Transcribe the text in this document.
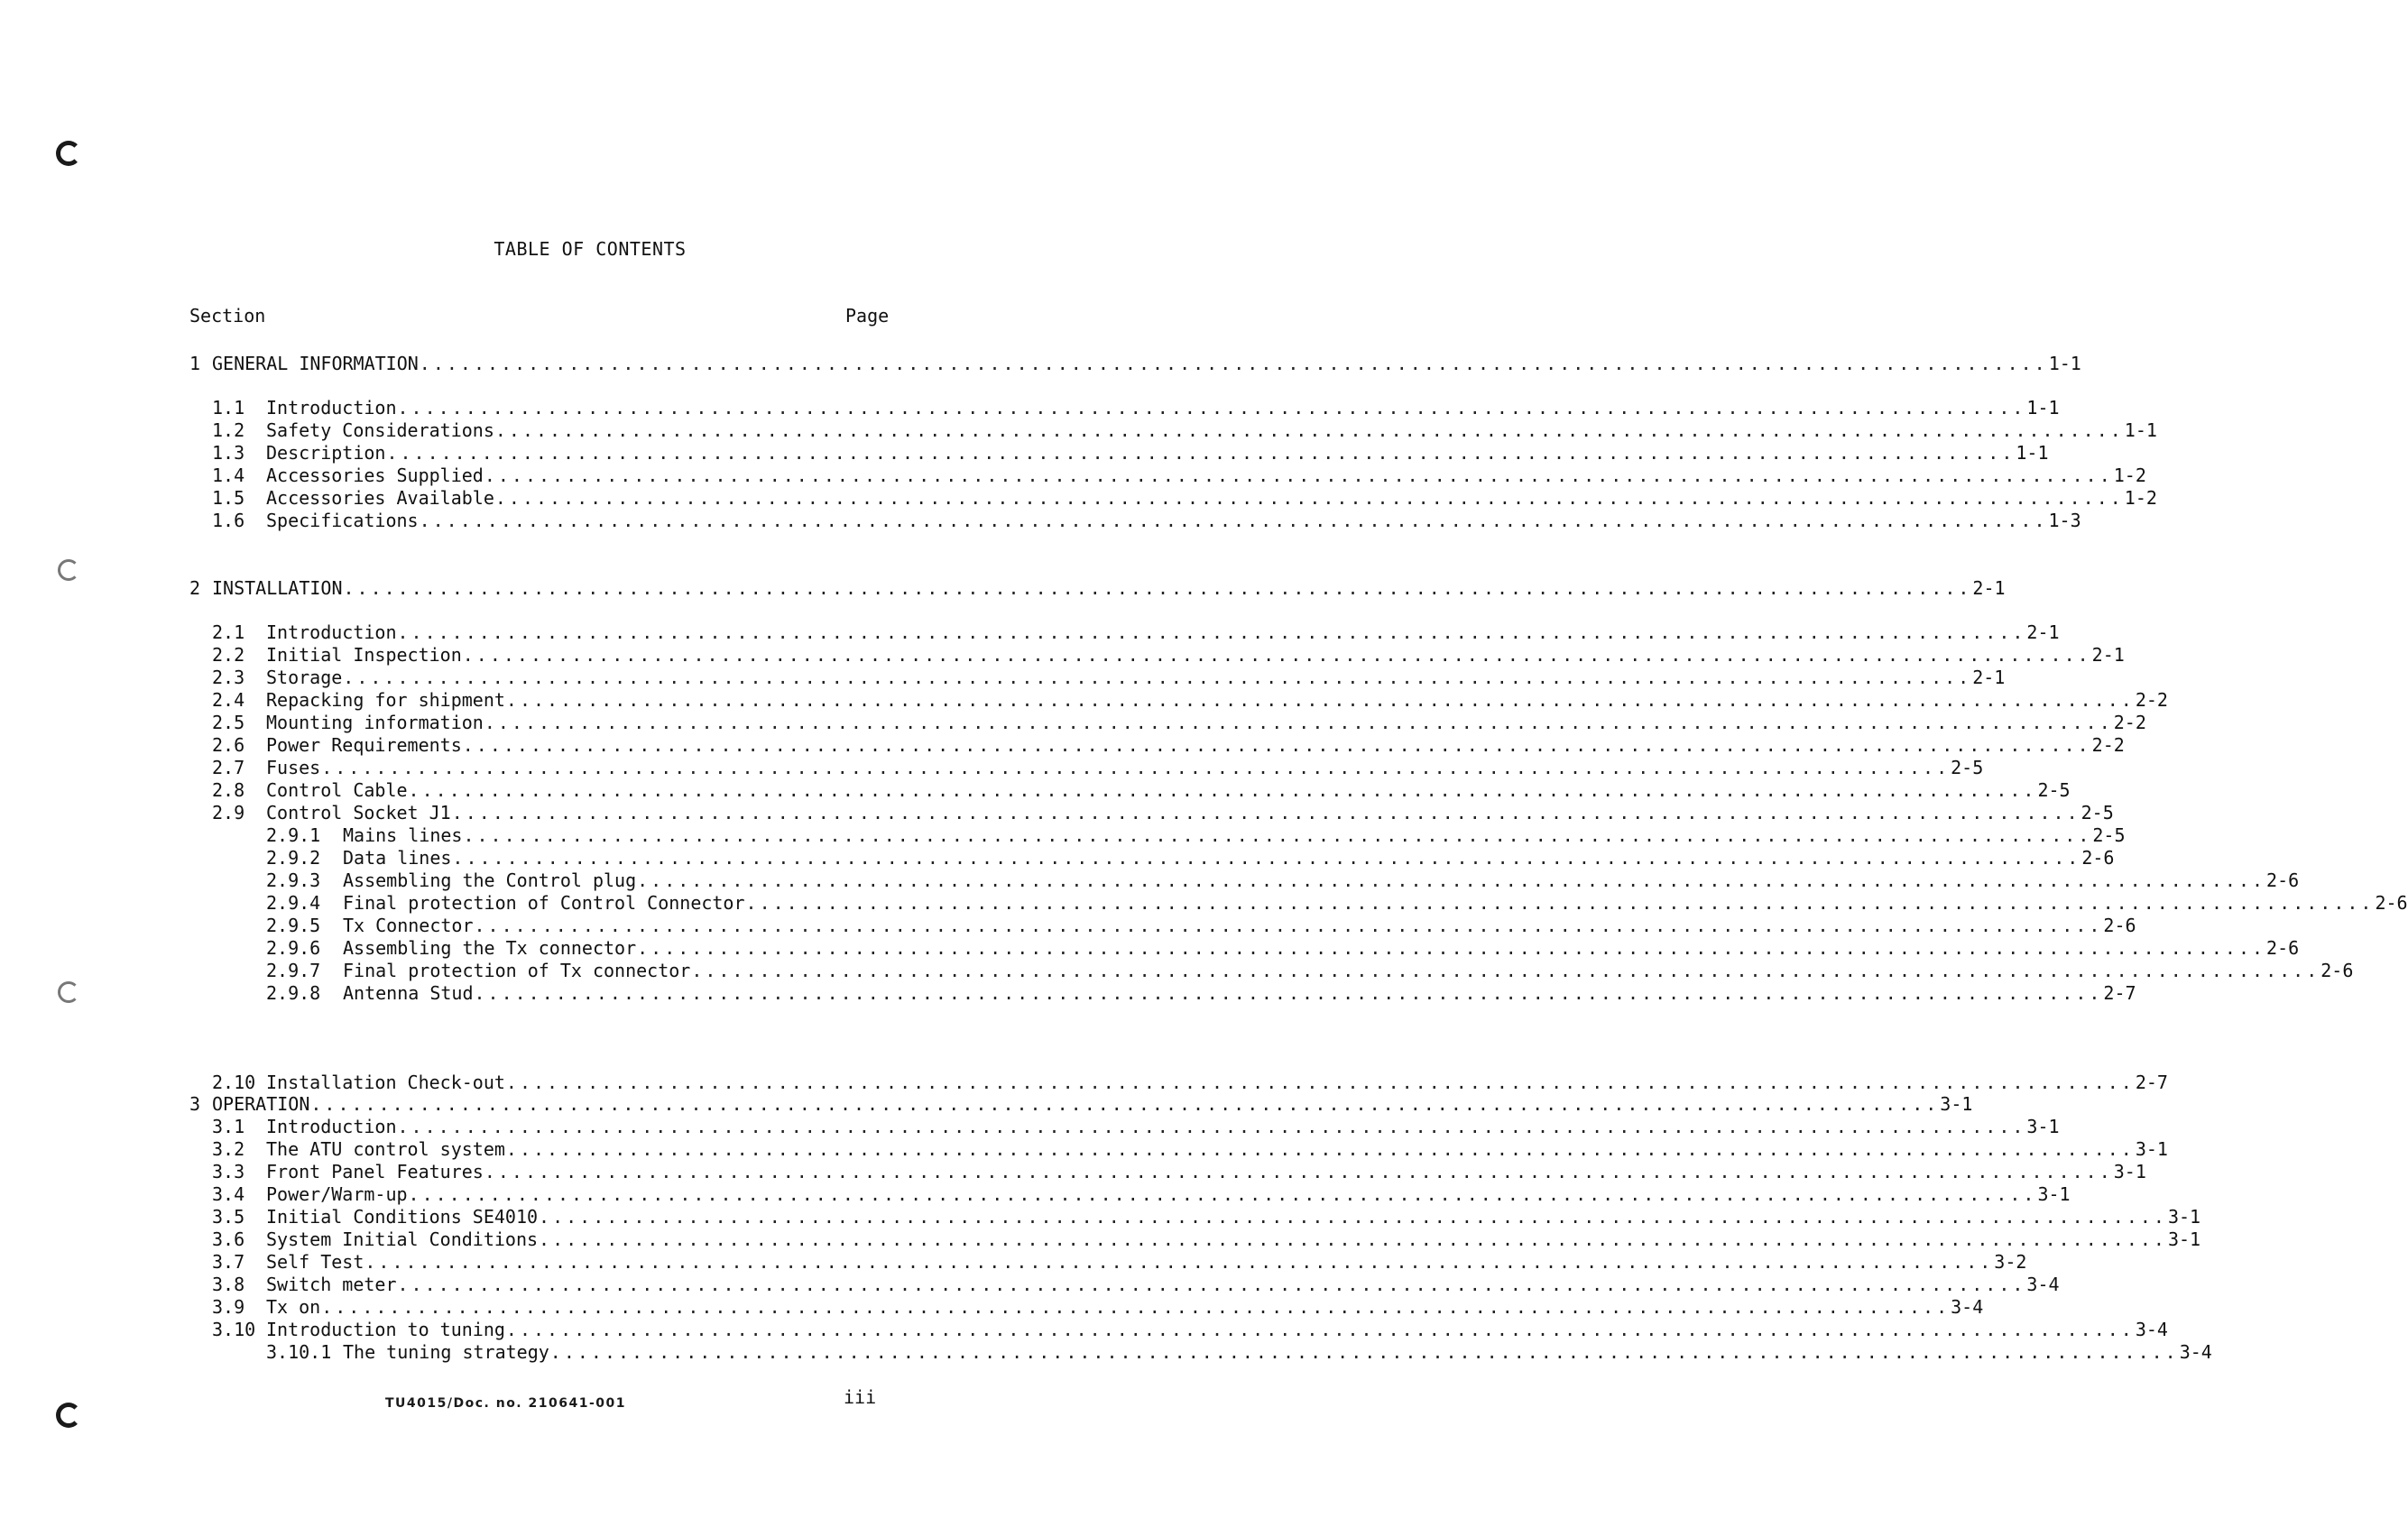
TABLE OF CONTENTS
Section	Page
1 GENERAL INFORMATION ........................................................................................................................ 1-1
1.1	Introduction ........................................................................................................................ 1-1
1.2	Safety Considerations ........................................................................................................................ 1-1
1.3	Description ........................................................................................................................ 1-1
1.4	Accessories Supplied ........................................................................................................................ 1-2
1.5	Accessories Available ........................................................................................................................ 1-2
1.6	Specifications ........................................................................................................................ 1-3
2 INSTALLATION ........................................................................................................................ 2-1
2.1	Introduction ........................................................................................................................ 2-1
2.2	Initial Inspection ........................................................................................................................ 2-1
2.3	Storage ........................................................................................................................ 2-1
2.4	Repacking for shipment ........................................................................................................................ 2-2
2.5	Mounting information ........................................................................................................................ 2-2
2.6	Power Requirements ........................................................................................................................ 2-2
2.7	Fuses ........................................................................................................................ 2-5
2.8	Control Cable ........................................................................................................................ 2-5
2.9	Control Socket J1 ........................................................................................................................ 2-5
2.9.1	Mains lines ........................................................................................................................ 2-5
2.9.2	Data lines ........................................................................................................................ 2-6
2.9.3	Assembling the Control plug ........................................................................................................................ 2-6
2.9.4	Final protection of Control Connector ........................................................................................................................ 2-6
2.9.5	Tx Connector ........................................................................................................................ 2-6
2.9.6	Assembling the Tx connector ........................................................................................................................ 2-6
2.9.7	Final protection of Tx connector ........................................................................................................................ 2-6
2.9.8	Antenna Stud ........................................................................................................................ 2-7
2.10 Installation Check-out ........................................................................................................................ 2-7
3 OPERATION ........................................................................................................................ 3-1
3.1	Introduction ........................................................................................................................ 3-1
3.2	The ATU control system ........................................................................................................................ 3-1
3.3	Front Panel Features ........................................................................................................................ 3-1
3.4	Power/Warm-up ........................................................................................................................ 3-1
3.5	Initial Conditions SE4010 ........................................................................................................................ 3-1
3.6	System Initial Conditions ........................................................................................................................ 3-1
3.7	Self Test ........................................................................................................................ 3-2
3.8	Switch meter ........................................................................................................................ 3-4
3.9	Tx on ........................................................................................................................ 3-4
3.10 Introduction to tuning ........................................................................................................................ 3-4
3.10.1 The tuning strategy ........................................................................................................................ 3-4
TU4015/Doc. no. 210641-001	iii
